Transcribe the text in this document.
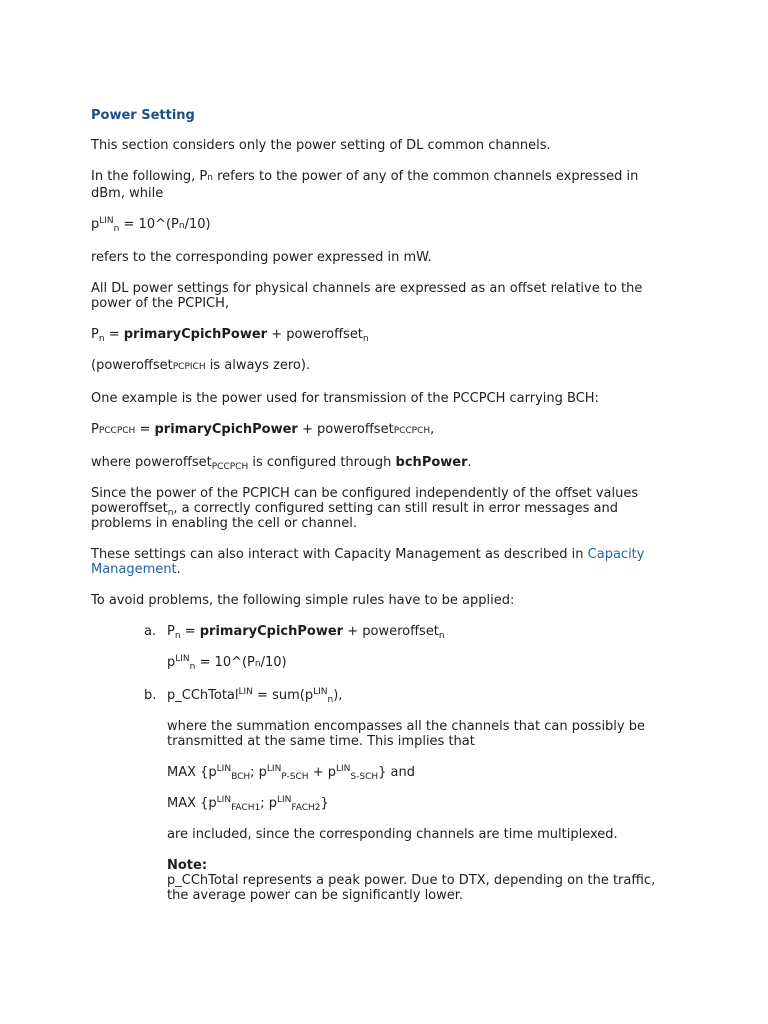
Power Setting

This section considers only the power setting of DL common channels.

In the following, Pn refers to the power of any of the common channels expressed in dBm, while

$p^{LIN}_n$ = 10^(Pn/10)

refers to the corresponding power expressed in mW.

All DL power settings for physical channels are expressed as an offset relative to the power of the PCPICH,

$P_n$ = primaryCpichPower + poweroffset$_n$

(poweroffsetPCPICH is always zero).

One example is the power used for transmission of the PCCPCH carrying BCH:

PPCCPCH = primaryCpichPower + poweroffsetPCCPCH,

where poweroffset$_{PCCPCH}$ is configured through bchPower.

Since the power of the PCPICH can be configured independently of the offset values poweroffset$_n$, a correctly configured setting can still result in error messages and problems in enabling the cell or channel.

These settings can also interact with Capacity Management as described in Capacity Management.

To avoid problems, the following simple rules have to be applied:

a. $P_n$ = primaryCpichPower + poweroffset$_n$

$p^{LIN}_n$ = 10^(Pn/10)

b. p_CChTotal$^{LIN}$ = $sum(p^{LIN}_n)$,

where the summation encompasses all the channels that can possibly be transmitted at the same time. This implies that

MAX {$p^{LIN}_{BCH}$; $p^{LIN}_{P-SCH} + p^{LIN}_{S-SCH}$} and

MAX {$p^{LIN}_{FACH1}$; $p^{LIN}_{FACH2}$}

are included, since the corresponding channels are time multiplexed.

Note:

p_CChTotal represents a peak power. Due to DTX, depending on the traffic, the average power can be significantly lower.
